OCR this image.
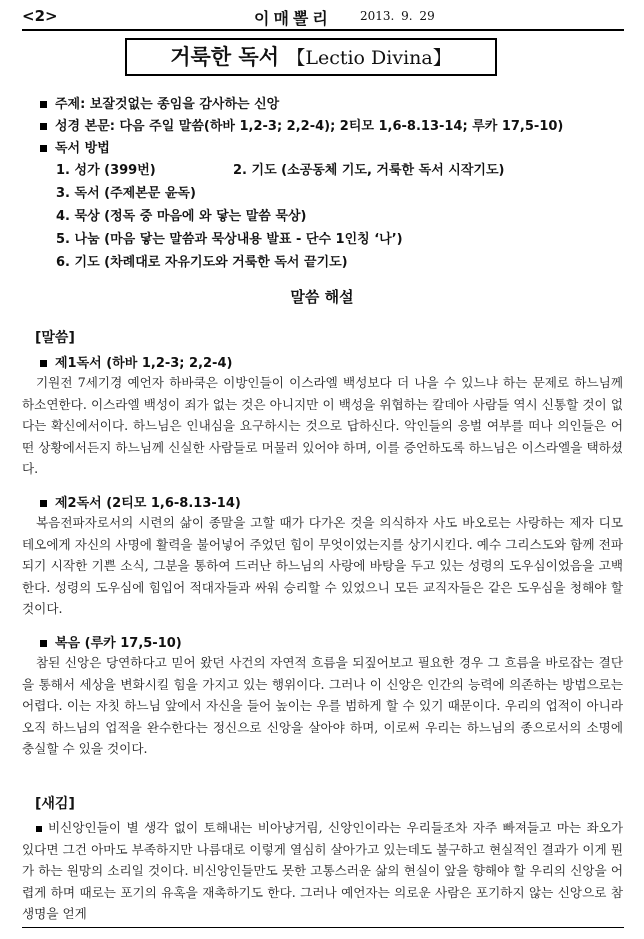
<2>	이매뽈리 2013. 9. 29
거룩한 독서 【Lectio Divina】
주제: 보잘것없는 종임을 감사하는 신앙
성경 본문: 다음 주일 말씀(하바 1,2-3; 2,2-4); 2티모 1,6-8.13-14; 루카 17,5-10)
독서 방법
1. 성가 (399번)	2. 기도 (소공동체 기도, 거룩한 독서 시작기도)
3. 독서 (주제본문 윤독)
4. 묵상 (정독 중 마음에 와 닿는 말씀 묵상)
5. 나눔 (마음 닿는 말씀과 묵상내용 발표 - 단수 1인칭 ‘나’)
6. 기도 (차례대로 자유기도와 거룩한 독서 끝기도)
말씀 해설
[말씀]
제1독서 (하바 1,2-3; 2,2-4)

기원전 7세기경 예언자 하바쿡은 이방인들이 이스라엘 백성보다 더 나을 수 있느냐 하는 문제로 하느님께 하소연한다. 이스라엘 백성이 죄가 없는 것은 아니지만 이 백성을 위협하는 칼데아 사람들 역시 신통할 것이 없다는 확신에서이다. 하느님은 인내심을 요구하시는 것으로 답하신다. 악인들의 응벌 여부를 떠나 의인들은 어떤 상황에서든지 하느님께 신실한 사람들로 머물러 있어야 하며, 이를 증언하도록 하느님은 이스라엘을 택하셨다.

제2독서 (2티모 1,6-8.13-14)

복음전파자로서의 시련의 삶이 종말을 고할 때가 다가온 것을 의식하자 사도 바오로는 사랑하는 제자 디모테오에게 자신의 사명에 활력을 불어넣어 주었던 힘이 무엇이었는지를 상기시킨다. 예수 그리스도와 함께 전파되기 시작한 기쁜 소식, 그분을 통하여 드러난 하느님의 사랑에 바탕을 두고 있는 성령의 도우심이었음을 고백한다. 성령의 도우심에 힘입어 적대자들과 싸워 승리할 수 있었으니 모든 교직자들은 같은 도우심을 청해야 할 것이다.

복음 (루카 17,5-10)

참된 신앙은 당연하다고 믿어 왔던 사건의 자연적 흐름을 되짚어보고 필요한 경우 그 흐름을 바로잡는 결단을 통해서 세상을 변화시킬 힘을 가지고 있는 행위이다. 그러나 이 신앙은 인간의 능력에 의존하는 방법으로는 어렵다. 이는 자칫 하느님 앞에서 자신을 들어 높이는 우를 범하게 할 수 있기 때문이다. 우리의 업적이 아니라 오직 하느님의 업적을 완수한다는 정신으로 신앙을 살아야 하며, 이로써 우리는 하느님의 종으로서의 소명에 충실할 수 있을 것이다.

[새김]

비신앙인들이 별 생각 없이 토해내는 비아냥거림, 신앙인이라는 우리들조차 자주 빠져들고 마는 좌오가 있다면 그건 아마도 부족하지만 나름대로 이렇게 열심히 살아가고 있는데도 불구하고 현실적인 결과가 이게 뭔가 하는 원망의 소리일 것이다. 비신앙인들만도 못한 고통스러운 삶의 현실이 앞을 향해야 할 우리의 신앙을 어렵게 하며 때로는 포기의 유혹을 재촉하기도 한다. 그러나 예언자는 의로운 사람은 포기하지 않는 신앙으로 참 생명을 얻게
